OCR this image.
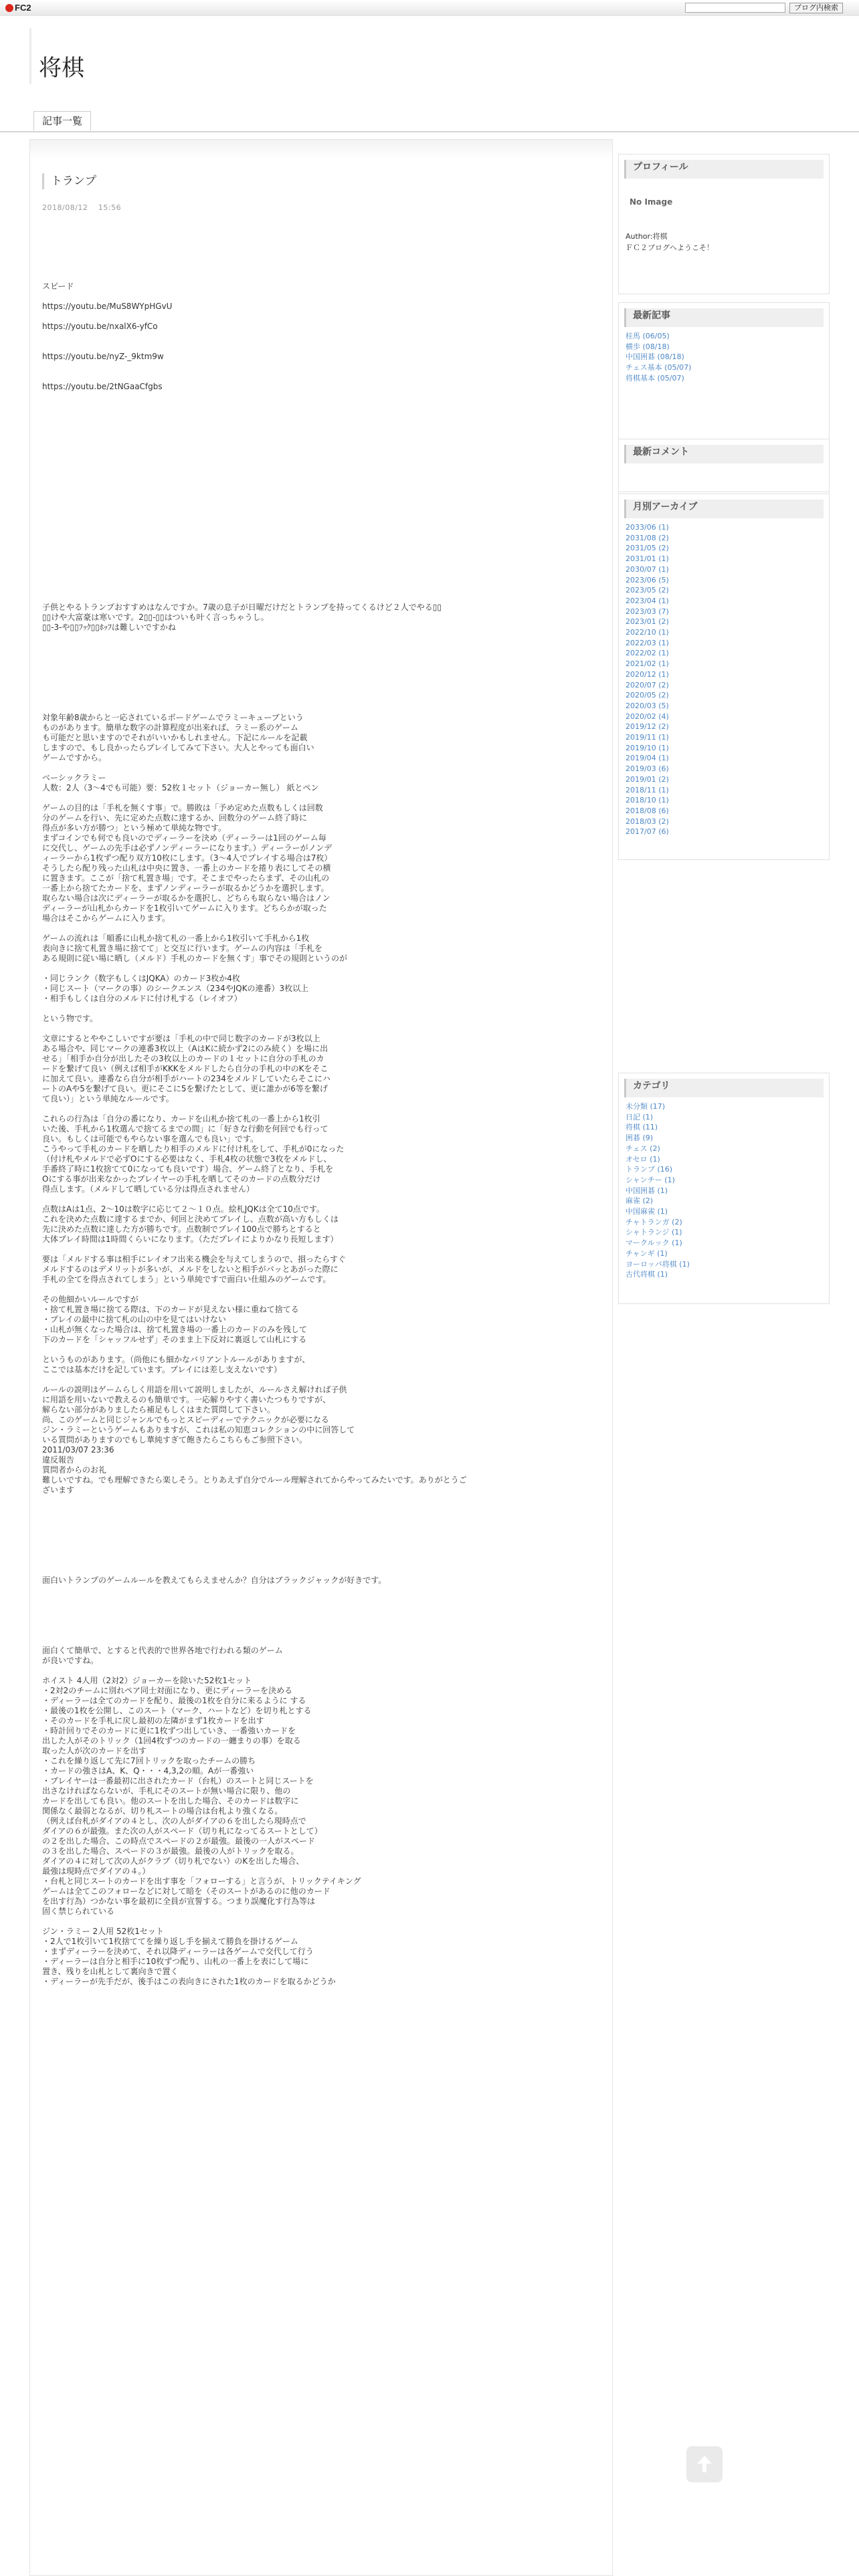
FC2	ブログ内検索
将棋
記事一覧
トランプ
2018/08/12　 15:56
スピード

https://youtu.be/MuS8WYpHGvU

https://youtu.be/nxalX6-yfCo

https://youtu.be/nyZ-_9ktm9w

https://youtu.be/2tNGaaCfgbs

子供とやるトランプおすすめはなんですか。7歳の息子が日曜だけだとトランプを持ってくるけど２人でやる▯▯
▯▯けや大富豪は寒いです。2▯▯-▯▯はついも叶く言っちゃうし。
▯▯-3-や▯▯ﾌｯｸ▯▯ﾎｯﾌは難しいですかね

対象年齢8歳からと一応されているボードゲームでラミーキューブという
ものがあります。簡単な数字の計算程度が出来れば、ラミー系のゲーム
も可能だと思いますのでそれがいいかもしれません。下記にルールを記載
しますので、もし良かったらプレイしてみて下さい。大人とやっても面白い
ゲームですから。

ベーシックラミー
人数：2人（3～4でも可能）要：52枚１セット（ジョーカー無し） 紙とペン

ゲームの目的は「手札を無くす事」で。勝敗は「予め定めた点数もしくは回数
分のゲームを行い、先に定めた点数に達するか、回数分のゲーム終了時に
得点が多い方が勝つ」という極めて単純な物です。
まずコインでも何でも良いのでディーラーを決め（ディーラーは1回のゲーム毎
に交代し、ゲームの先手は必ずノンディーラーになります。）ディーラーがノンデ
ィーラーから1枚ずつ配り双方10枚にします。（3～4人でプレイする場合は7枚）
そうしたら配り残った山札は中央に置き、一番上のカードを捲り表にしてその横
に置きます。ここが「捨て札置き場」です。そこまでやったらまず、その山札の
一番上から捨てたカードを、まずノンディーラーが取るかどうかを選択します。
取らない場合は次にディーラーが取るかを選択し、どちらも取らない場合はノン
ディーラーが山札からカードを1枚引いてゲームに入ります。どちらかが取った
場合はそこからゲームに入ります。

ゲームの流れは「順番に山札か捨て札の一番上から1枚引いて手札から1枚
表向きに捨て札置き場に捨てて」と交互に行います。ゲームの内容は「手札を
ある規則に従い場に晒し（メルド）手札のカードを無くす」事でその規則というのが

・同じランク（数字もしくはJQKA）のカード3枚か4枚
・同じスート（マークの事）のシークエンス（234やJQKの連番）3枚以上
・相手もしくは自分のメルドに付け札する（レイオフ）

という物です。

文章にするとややこしいですが要は「手札の中で同じ数字のカードが3枚以上
ある場合や、同じマークの連番3枚以上（AはKに続かず2にのみ続く）を場に出
せる」「相手か自分が出したその3枚以上のカードの１セットに自分の手札のカ
ードを繋げて良い（例えば相手がKKKをメルドしたら自分の手札の中のKをそこ
に加えて良い。連番なら自分が相手がハートの234をメルドしていたらそこにハ
ートのAや5を繋げて良い。更にそこに5を繋げたとして、更に誰かが6等を繋げ
て良い）」という単純なルールです。

これらの行為は「自分の番になり、カードを山札か捨て札の一番上から1枚引
いた後、手札から1枚選んで捨てるまでの間」に「好きな行動を何回でも行って
良い。もしくは可能でもやらない事を選んでも良い」です。
こうやって手札のカードを晒したり相手のメルドに付け札をして、手札が0になった
（付け札やメルドで必ずOにする必要はなく、手札4枚の状態で3枚をメルドし、
手番終了時に1枚捨てて0になっても良いです）場合、ゲーム終了となり、手札を
Oにする事が出来なかったプレイヤーの手札を晒してそのカードの点数分だけ
得点します。（メルドして晒している分は得点されません）

点数はAは1点、2～10は数字に応じて２～１０点。絵札JQKは全て10点です。
これを決めた点数に達するまでか、何回と決めてプレイし、点数が高い方もしくは
先に決めた点数に達した方が勝ちです。点数制でプレイ100点で勝ちとすると
大体プレイ時間は1時間くらいになります。（ただプレイによりかなり長短します）

要は「メルドする事は相手にレイオフ出来る機会を与えてしまうので、損ったらすぐ
メルドするのはデメリットが多いが、メルドをしないと相手がパッとあがった際に
手札の全てを得点されてしまう」という単純ですで面白い仕組みのゲームです。

その他細かいルールですが
・捨て札置き場に捨てる際は、下のカードが見えない様に重ねて捨てる
・プレイの最中に捨て札の山の中を見てはいけない
・山札が無くなった場合は、捨て札置き場の一番上のカードのみを残して
下のカードを「シャッフルせず」そのまま上下反対に裏返して山札にする

というものがあります。（尚他にも細かなバリアントルールがありますが、
ここでは基本だけを記しています。プレイには差し支えないです）

ルールの説明はゲームらしく用語を用いて説明しましたが、ルールさえ解ければ子供
に用語を用いないで教えるのも簡単です。一応解りやすく書いたつもりですが、
解らない部分がありましたら補足もしくはまた質問して下さい。
尚、このゲームと同じジャンルでもっとスピーディーでテクニックが必要になる
ジン・ラミーというゲームもありますが、これは私の知恵コレクションの中に回答して
いる質問がありますのでもし華純すぎて飽きたらこちらもご参照下さい。
2011/03/07 23:36
違反報告
質問者からのお礼
難しいですね。でも理解できたら楽しそう。とりあえず自分でルール理解されてからやってみたいです。ありがとうご
ざいます

面白いトランプのゲームルールを教えてもらえませんか？自分はブラックジャックが好きです。

面白くて簡単で、とすると代表的で世界各地で行われる類のゲーム
が良いですね。

ホイスト 4人用（2対2）ジョーカーを除いた52枚1セット
・2対2のチームに別れペア同士対面になり、更にディーラーを決める
・ディーラーは全てのカードを配り、最後の1枚を自分に来るように する
・最後の1枚を公開し、このスート（マーク、ハートなど）を切り札とする
・そのカードを手札に戻し最初の左隣がまず1枚カードを出す
・時計回りでそのカードに更に1枚ずつ出していき、一番強いカードを
出した人がそのトリック（1回4枚ずつのカードの一纏まりの事）を取る
取った人が次のカードを出す
・これを繰り返して先に7回トリックを取ったチームの勝ち
・カードの強さはA、K、Q・・・4,3,2の順。Aが一番強い
・プレイヤーは一番最初に出されたカード（台札）のスートと同じスートを
出さなければならないが、手札にそのスートが無い場合に限り、他の
カードを出しても良い。他のスートを出した場合、そのカードは数字に
関係なく最弱となるが、切り札スートの場合は台札より強くなる。
（例えば台札がダイアの４とし、次の人がダイアの６を出したら現時点で
ダイアの６が最強。また次の人がスペード（切り札になってるスートとして）
の２を出した場合、この時点でスペードの２が最強。最後の一人がスペード
の３を出した場合、スペードの３が最強。最後の人がトリックを取る。
ダイアの４に対して次の人がクラブ（切り札でない）のKを出した場合、
最強は現時点でダイアの４。）
・台札と同じスートのカードを出す事を「フォローする」と言うが、トリックテイキング
ゲームは全てこのフォローなどに対して暗を（そのスートがあるのに他のカード
を出す行為）つかない事を最初に全員が宣誓する。つまり誤魔化す行為等は
固く禁じられている

ジン・ラミー 2人用 52枚1セット
・2人で1枚引いて1枚捨ててを繰り返し手を揃えて勝負を掛けるゲーム
・まずディーラーを決めて、それ以降ディーラーは各ゲームで交代して行う
・ディーラーは自分と相手に10枚ずつ配り、山札の一番上を表にして場に
置き、残りを山札として裏向きで置く
・ディーラーが先手だが、後手はこの表向きにされた1枚のカードを取るかどうか
プロフィール
No Image
Author:将棋
ＦＣ２ブログへようこそ！
最新記事
桂馬 (06/05)
横歩 (08/18)
中国囲碁 (08/18)
チェス基本 (05/07)
将棋基本 (05/07)
最新コメント
月別アーカイブ
2033/06 (1)
2031/08 (2)
2031/05 (2)
2031/01 (1)
2030/07 (1)
2023/06 (5)
2023/05 (2)
2023/04 (1)
2023/03 (7)
2023/01 (2)
2022/10 (1)
2022/03 (1)
2022/02 (1)
2021/02 (1)
2020/12 (1)
2020/07 (2)
2020/05 (2)
2020/03 (5)
2020/02 (4)
2019/12 (2)
2019/11 (1)
2019/10 (1)
2019/04 (1)
2019/03 (6)
2019/01 (2)
2018/11 (1)
2018/10 (1)
2018/08 (6)
2018/03 (2)
2017/07 (6)
カテゴリ
未分類 (17)
日記 (1)
将棋 (11)
囲碁 (9)
チェス (2)
オセロ (1)
トランプ (16)
シャンチー (1)
中国囲碁 (1)
麻雀 (2)
中国麻雀 (1)
チャトランガ (2)
シャトランジ (1)
マークルック (1)
チャンギ (1)
ヨーロッパ将棋 (1)
古代将棋 (1)
